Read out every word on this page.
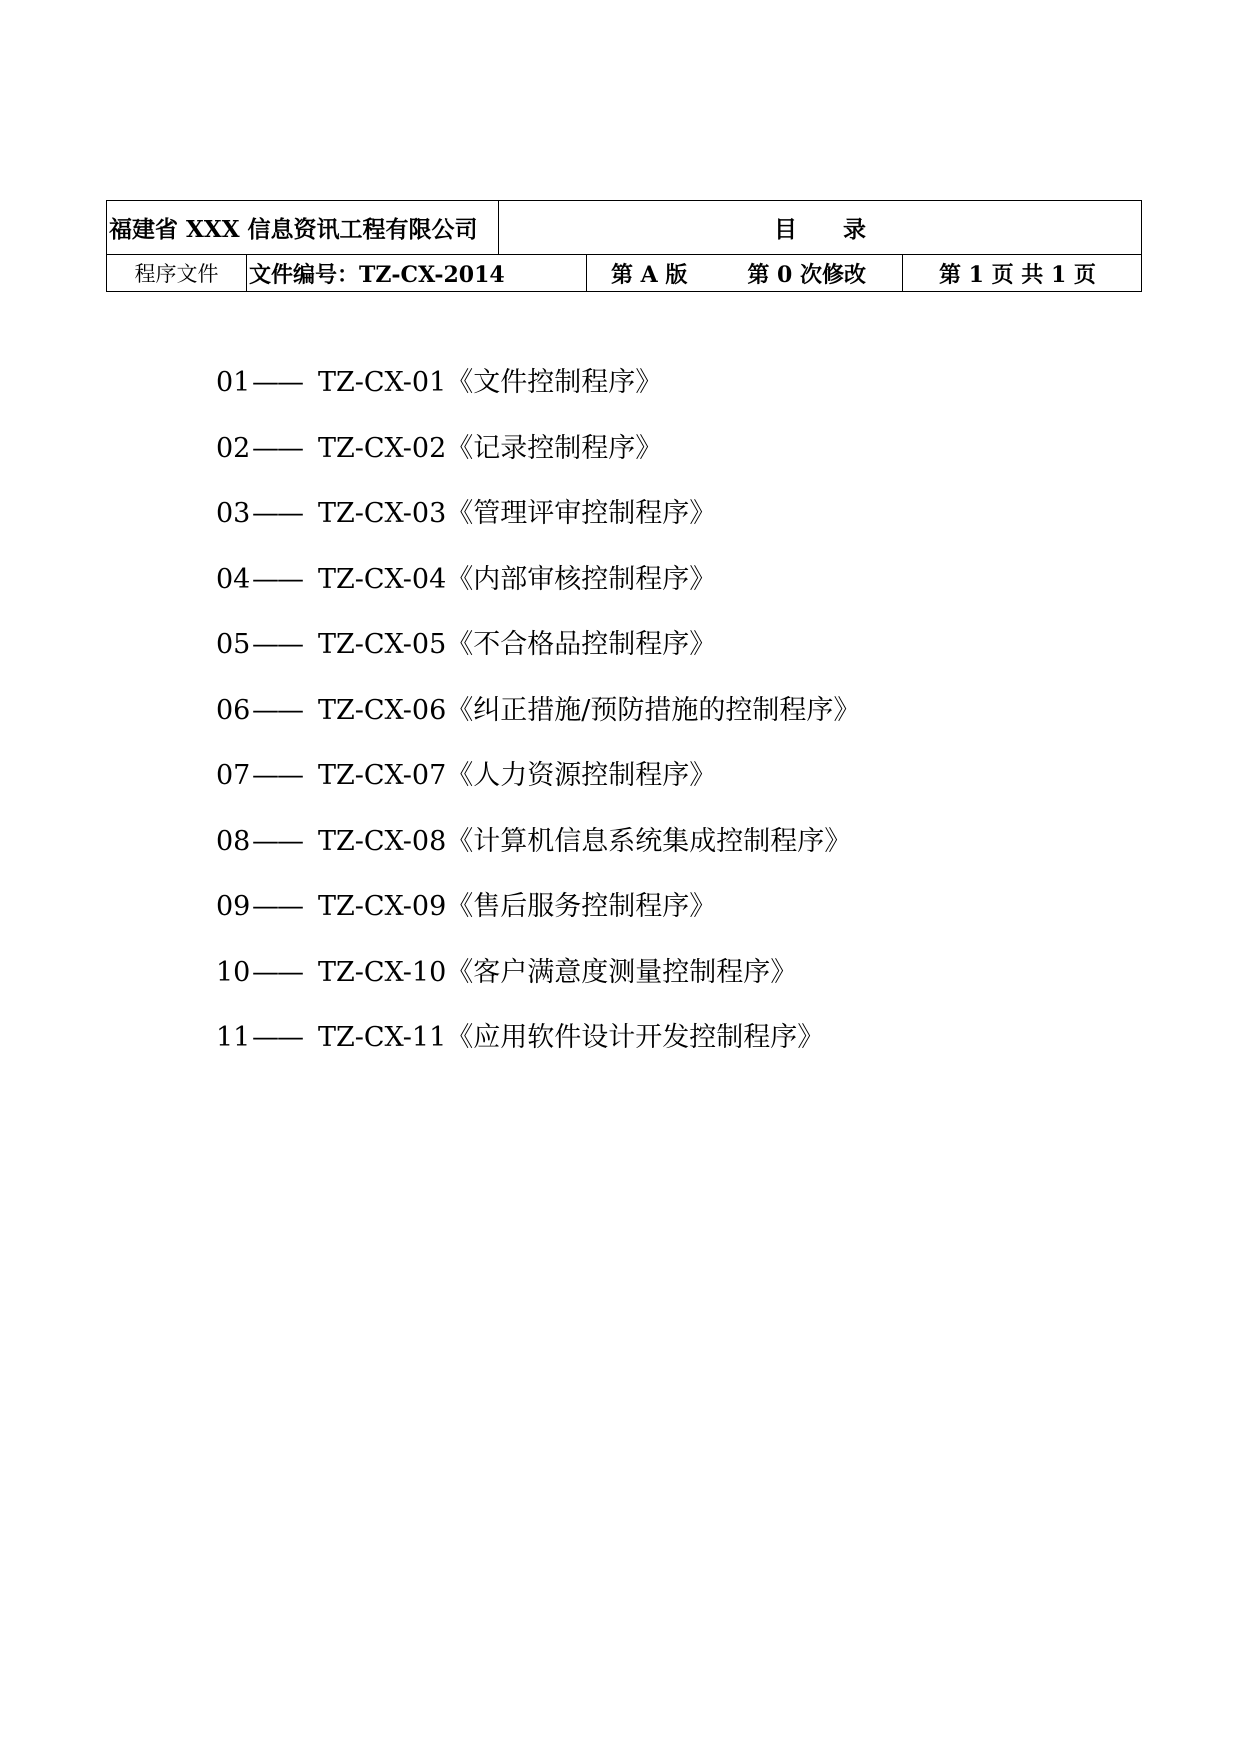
福建省 XXX 信息资讯工程有限公司	目 录
程序文件	文件编号：TZ-CX-2014	第 A 版	第 0 次修改	第 1 页 共 1 页
01—— TZ-CX-01《文件控制程序》
02—— TZ-CX-02《记录控制程序》
03—— TZ-CX-03《管理评审控制程序》
04—— TZ-CX-04《内部审核控制程序》
05—— TZ-CX-05《不合格品控制程序》
06—— TZ-CX-06《纠正措施/预防措施的控制程序》
07—— TZ-CX-07《人力资源控制程序》
08—— TZ-CX-08《计算机信息系统集成控制程序》
09—— TZ-CX-09《售后服务控制程序》
10—— TZ-CX-10《客户满意度测量控制程序》
11—— TZ-CX-11《应用软件设计开发控制程序》
